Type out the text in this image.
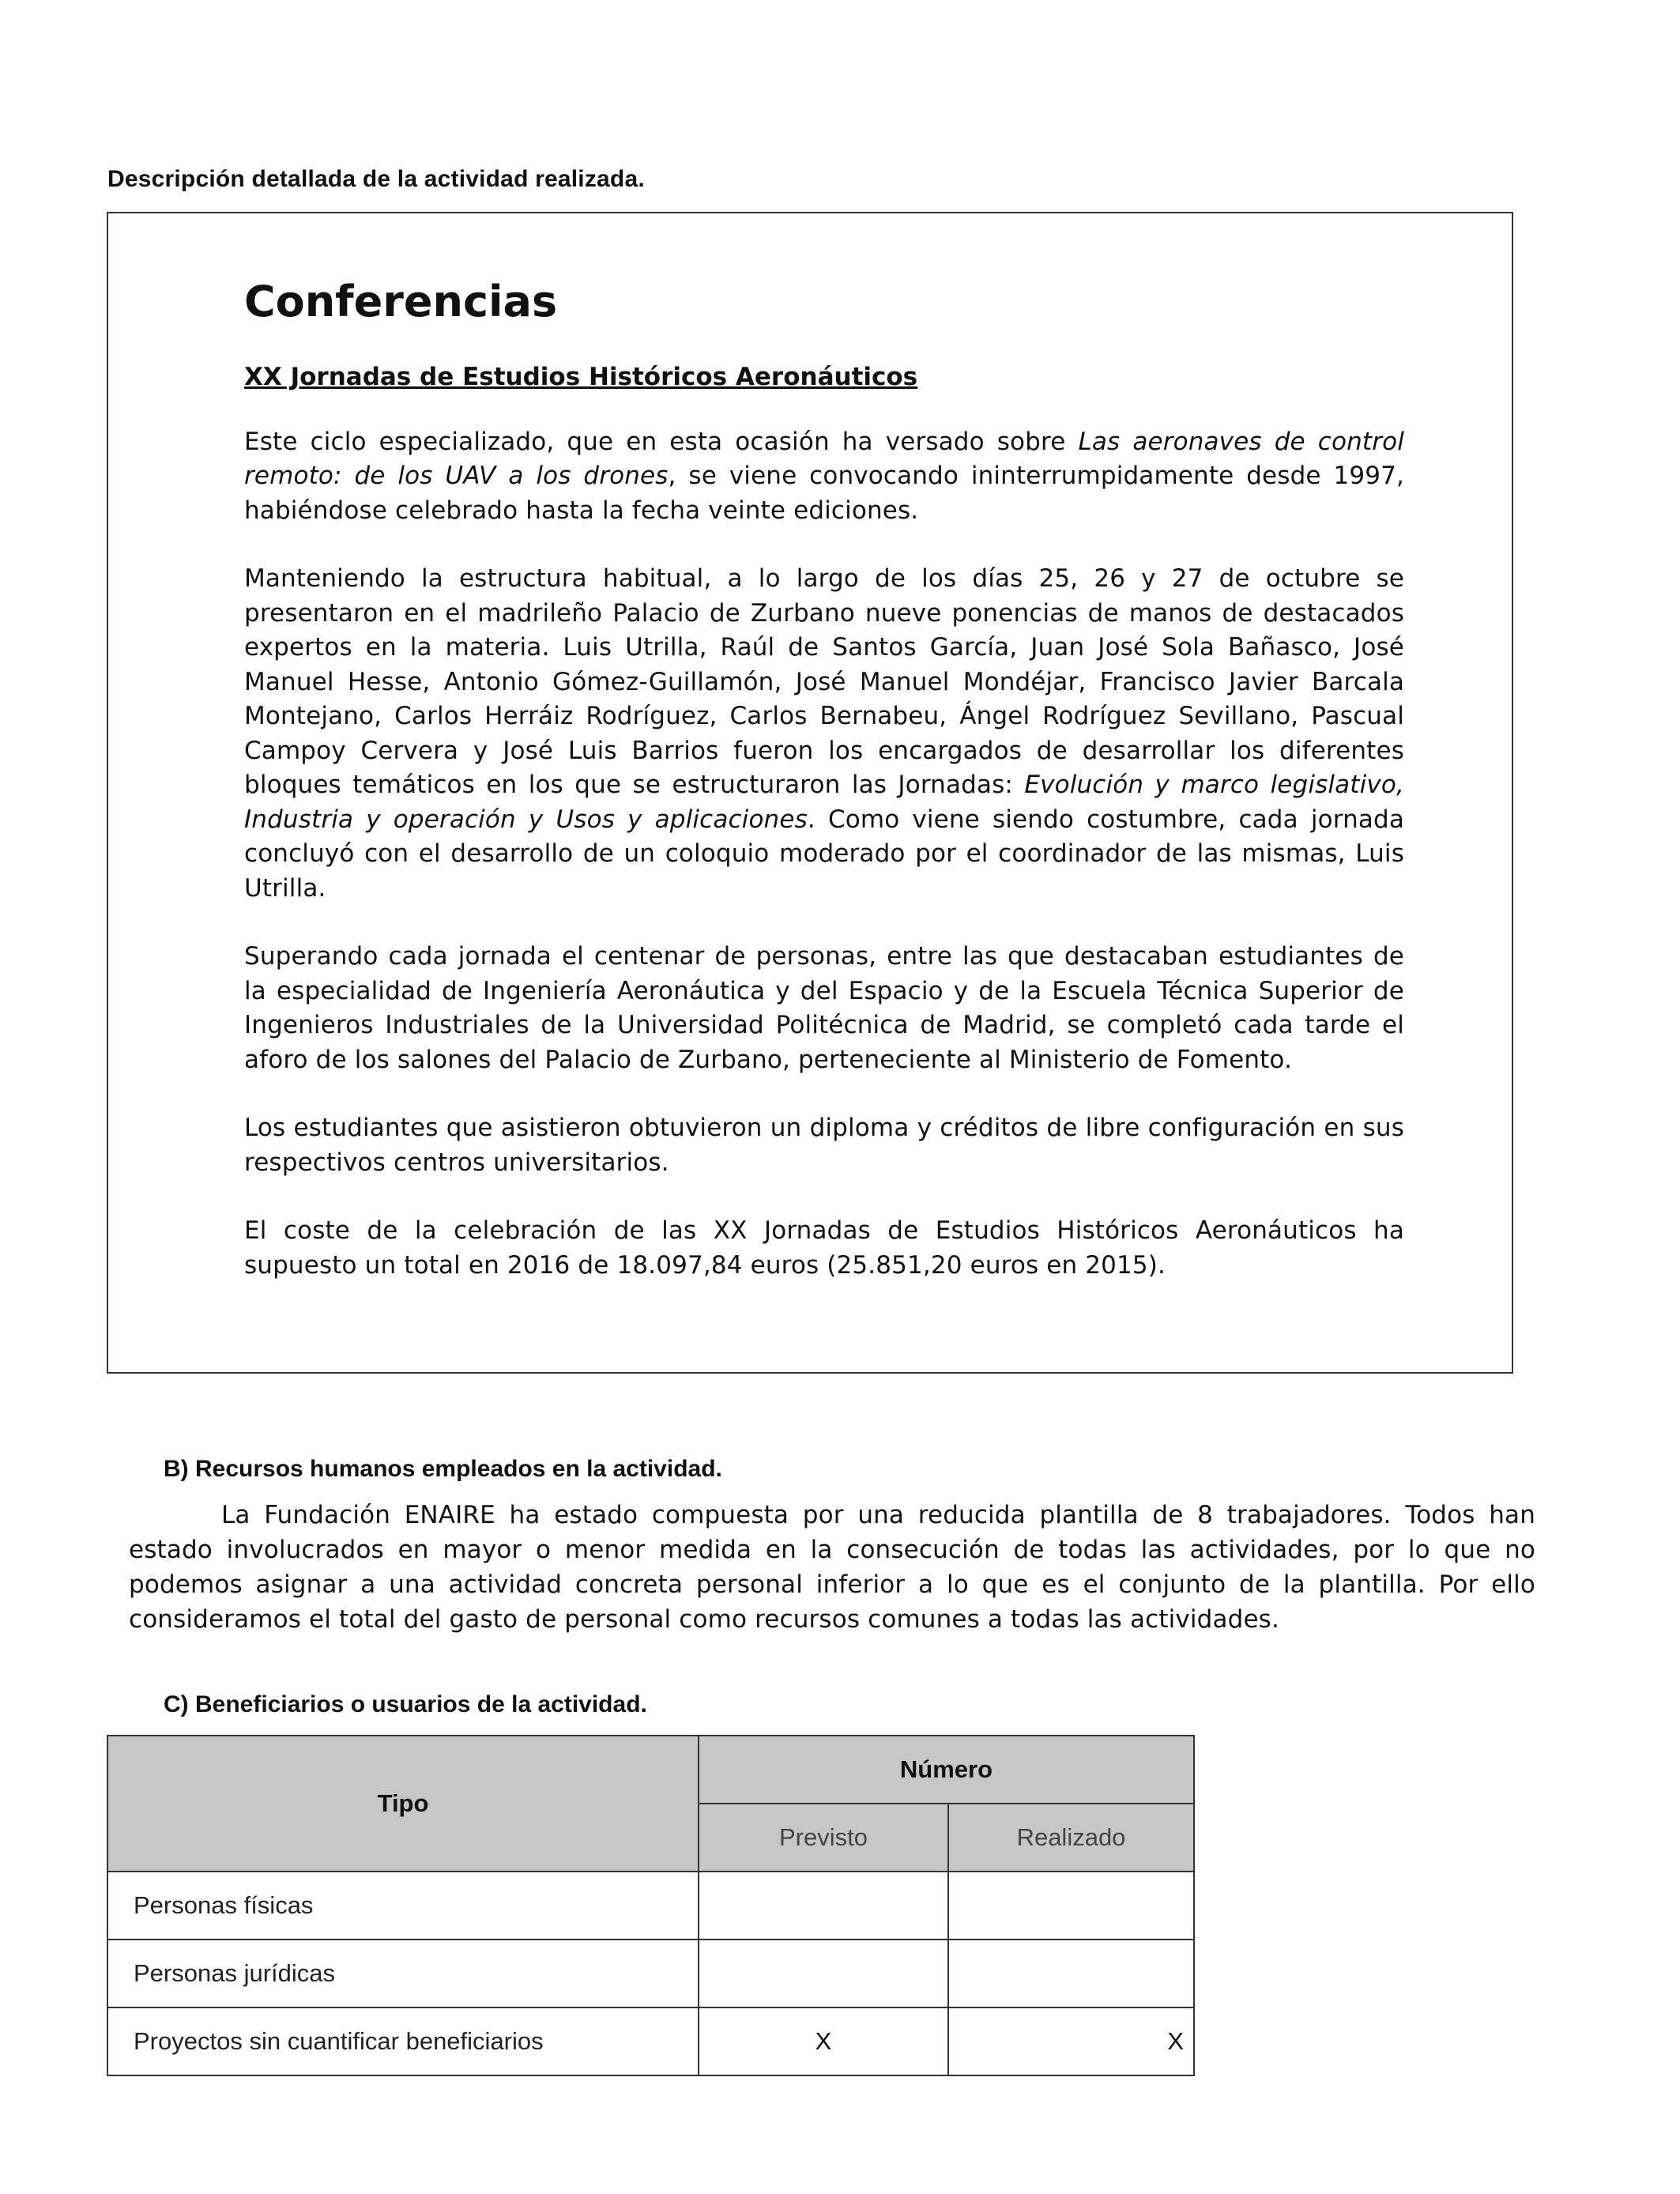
Descripción detallada de la actividad realizada.
Conferencias
XX Jornadas de Estudios Históricos Aeronáuticos

Este ciclo especializado, que en esta ocasión ha versado sobre Las aeronaves de control remoto: de los UAV a los drones, se viene convocando ininterrumpidamente desde 1997, habiéndose celebrado hasta la fecha veinte ediciones.

Manteniendo la estructura habitual, a lo largo de los días 25, 26 y 27 de octubre se presentaron en el madrileño Palacio de Zurbano nueve ponencias de manos de destacados expertos en la materia. Luis Utrilla, Raúl de Santos García, Juan José Sola Bañasco, José Manuel Hesse, Antonio Gómez-Guillamón, José Manuel Mondéjar, Francisco Javier Barcala Montejano, Carlos Herráiz Rodríguez, Carlos Bernabeu, Ángel Rodríguez Sevillano, Pascual Campoy Cervera y José Luis Barrios fueron los encargados de desarrollar los diferentes bloques temáticos en los que se estructuraron las Jornadas: Evolución y marco legislativo, Industria y operación y Usos y aplicaciones. Como viene siendo costumbre, cada jornada concluyó con el desarrollo de un coloquio moderado por el coordinador de las mismas, Luis Utrilla.

Superando cada jornada el centenar de personas, entre las que destacaban estudiantes de la especialidad de Ingeniería Aeronáutica y del Espacio y de la Escuela Técnica Superior de Ingenieros Industriales de la Universidad Politécnica de Madrid, se completó cada tarde el aforo de los salones del Palacio de Zurbano, perteneciente al Ministerio de Fomento.

Los estudiantes que asistieron obtuvieron un diploma y créditos de libre configuración en sus respectivos centros universitarios.

El coste de la celebración de las XX Jornadas de Estudios Históricos Aeronáuticos ha supuesto un total en 2016 de 18.097,84 euros (25.851,20 euros en 2015).

B) Recursos humanos empleados en la actividad.

La Fundación ENAIRE ha estado compuesta por una reducida plantilla de 8 trabajadores. Todos han estado involucrados en mayor o menor medida en la consecución de todas las actividades, por lo que no podemos asignar a una actividad concreta personal inferior a lo que es el conjunto de la plantilla. Por ello consideramos el total del gasto de personal como recursos comunes a todas las actividades.

C) Beneficiarios o usuarios de la actividad.
Tipo	Número	
	Previsto	Realizado
Personas físicas		
Personas jurídicas		
Proyectos sin cuantificar beneficiarios	X	X
